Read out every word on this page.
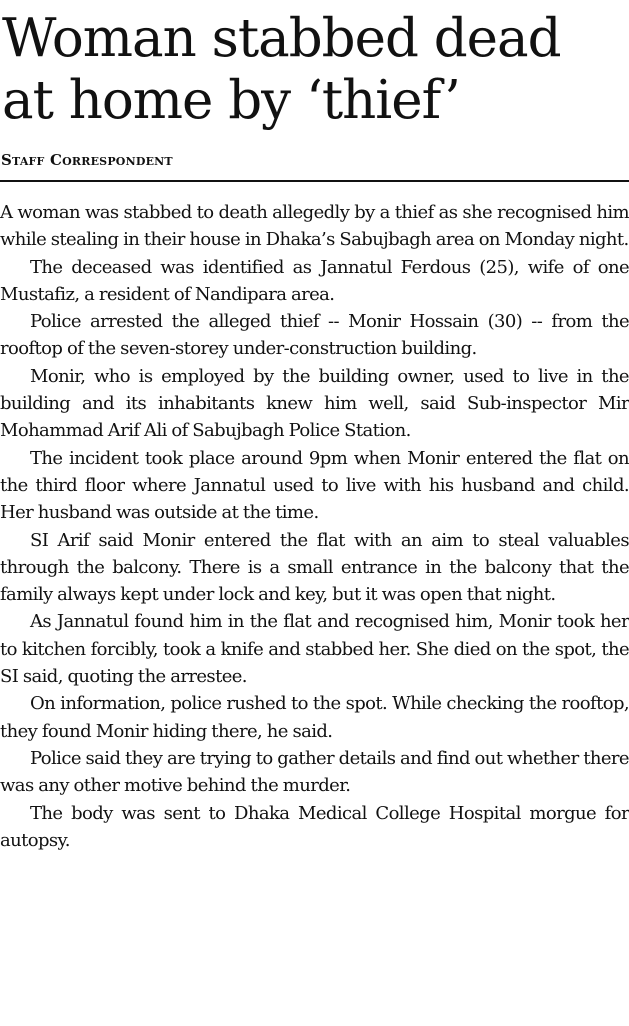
Woman stabbed dead at home by ‘thief’
Staff Correspondent

A woman was stabbed to death allegedly by a thief as she recognised him while stealing in their house in Dhaka’s Sabujbagh area on Monday night.

The deceased was identified as Jannatul Ferdous (25), wife of one Mustafiz, a resident of Nandipara area.

Police arrested the alleged thief -- Monir Hossain (30) -- from the rooftop of the seven-storey under-construction building.

Monir, who is employed by the building owner, used to live in the building and its inhabitants knew him well, said Sub-inspector Mir Mohammad Arif Ali of Sabujbagh Police Station.

The incident took place around 9pm when Monir entered the flat on the third floor where Jannatul used to live with his husband and child. Her husband was outside at the time.

SI Arif said Monir entered the flat with an aim to steal valuables through the balcony. There is a small entrance in the balcony that the family always kept under lock and key, but it was open that night.

As Jannatul found him in the flat and recognised him, Monir took her to kitchen forcibly, took a knife and stabbed her. She died on the spot, the SI said, quoting the arrestee.

On information, police rushed to the spot. While checking the rooftop, they found Monir hiding there, he said.

Police said they are trying to gather details and find out whether there was any other motive behind the murder.

The body was sent to Dhaka Medical College Hospital morgue for autopsy.
